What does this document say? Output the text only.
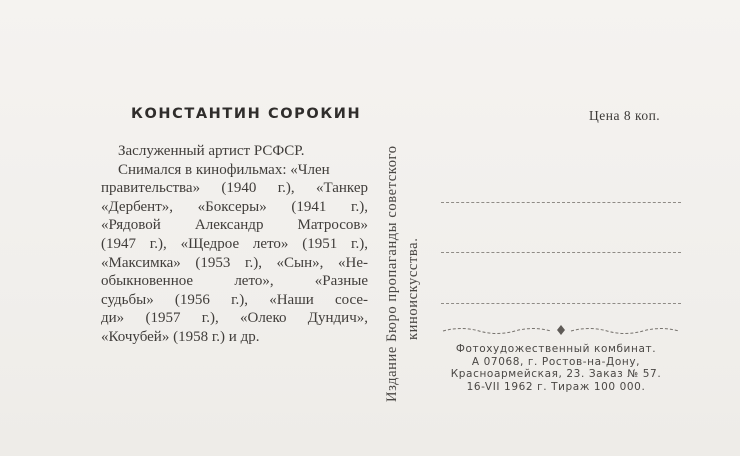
КОНСТАНТИН СОРОКИН
Заслуженный артист РСФСР.
Снимался в кинофильмах: «Член
правительства» (1940 г.), «Танкер
«Дербент», «Боксеры» (1941 г.),
«Рядовой Александр Матросов»
(1947 г.), «Щедрое лето» (1951 г.),
«Максимка» (1953 г.), «Сын», «Не-
обыкновенное лето», «Разные
судьбы» (1956 г.), «Наши сосе-
ди» (1957 г.), «Олеко Дундич»,
«Кочубей» (1958 г.) и др.	Издание Бюро пропаганды советского киноискусства.
Цена 8 коп.
Фотохудожественный комбинат.
А 07068, г. Ростов-на-Дону,
Красноармейская, 23. Заказ № 57.
16-VII 1962 г. Тираж 100 000.
